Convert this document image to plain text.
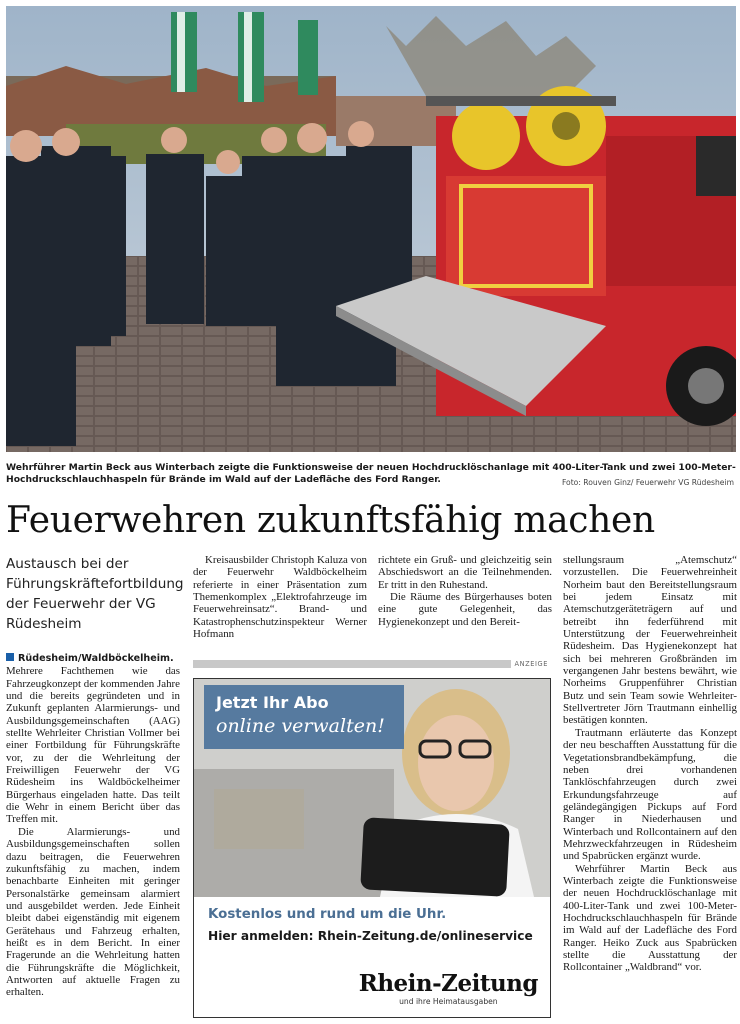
Wehrführer Martin Beck aus Winterbach zeigte die Funktionsweise der neuen Hochdrucklöschanlage mit 400-Liter-Tank und zwei 100-Meter-Hochdruckschlauchhaspeln für Brände im Wald auf der Ladefläche des Ford Ranger.	Foto: Rouven Ginz/ Feuerwehr VG Rüdesheim
Feuerwehren zukunftsfähig machen
Austausch bei der Führungskräftefortbildung der Feuerwehr der VG Rüdesheim

Rüdesheim/Waldböckelheim.
Mehrere Fachthemen wie das Fahrzeugkonzept der kommenden Jahre und die bereits gegründeten und in Zukunft geplanten Alarmierungs- und Ausbildungsgemeinschaften (AAG) stellte Wehrleiter Christian Vollmer bei einer Fortbildung für Führungskräfte vor, zu der die Wehrleitung der Freiwilligen Feuerwehr der VG Rüdesheim ins Waldböckelheimer Bürgerhaus eingeladen hatte. Das teilt die Wehr in einem Bericht über das Treffen mit.

Die Alarmierungs- und Ausbildungsgemeinschaften sollen dazu beitragen, die Feuerwehren zukunftsfähig zu machen, indem benachbarte Einheiten mit geringer Personalstärke gemeinsam alarmiert und ausgebildet werden. Jede Einheit bleibt dabei eigenständig mit eigenem Gerätehaus und Fahrzeug erhalten, heißt es in dem Bericht. In einer Fragerunde an die Wehrleitung hatten die Führungskräfte die Möglichkeit, Antworten auf aktuelle Fragen zu erhalten.

Kreisausbilder Christoph Kaluza von der Feuerwehr Waldböckelheim referierte in einer Präsentation zum Themenkomplex „Elektrofahrzeuge im Feuerwehreinsatz“. Brand- und Katastrophenschutzinspekteur Werner Hofmann

richtete ein Gruß- und gleichzeitig sein Abschiedswort an die Teilnehmenden. Er tritt in den Ruhestand.

Die Räume des Bürgerhauses boten eine gute Gelegenheit, das Hygienekonzept und den Bereit-

stellungsraum „Atemschutz“ vorzustellen. Die Feuerwehreinheit Norheim baut den Bereitstellungsraum bei jedem Einsatz mit Atemschutzgeräteträgern auf und betreibt ihn federführend mit Unterstützung der Feuerwehreinheit Rüdesheim. Das Hygienekonzept hat sich bei mehreren Großbränden im vergangenen Jahr bestens bewährt, wie Norheims Gruppenführer Christian Butz und sein Team sowie Wehrleiter-Stellvertreter Jörn Trautmann einhellig bestätigen konnten.

Trautmann erläuterte das Konzept der neu beschafften Ausstattung für die Vegetationsbrandbekämpfung, die neben drei vorhandenen Tanklöschfahrzeugen durch zwei Erkundungsfahrzeuge auf geländegängigen Pickups auf Ford Ranger in Niederhausen und Winterbach und Rollcontainern auf den Mehrzweckfahrzeugen in Rüdesheim und Spabrücken ergänzt wurde.

Wehrführer Martin Beck aus Winterbach zeigte die Funktionsweise der neuen Hochdrucklöschanlage mit 400-Liter-Tank und zwei 100-Meter-Hochdruckschlauchhaspeln für Brände im Wald auf der Ladefläche des Ford Ranger. Heiko Zuck aus Spabrücken stellte die Ausstattung der Rollcontainer „Waldbrand“ vor.

ANZEIGE
Jetzt Ihr Abo
online verwalten!
Kostenlos und rund um die Uhr.
Hier anmelden: Rhein-Zeitung.de/onlineservice
Rhein-Zeitung
und ihre Heimatausgaben
